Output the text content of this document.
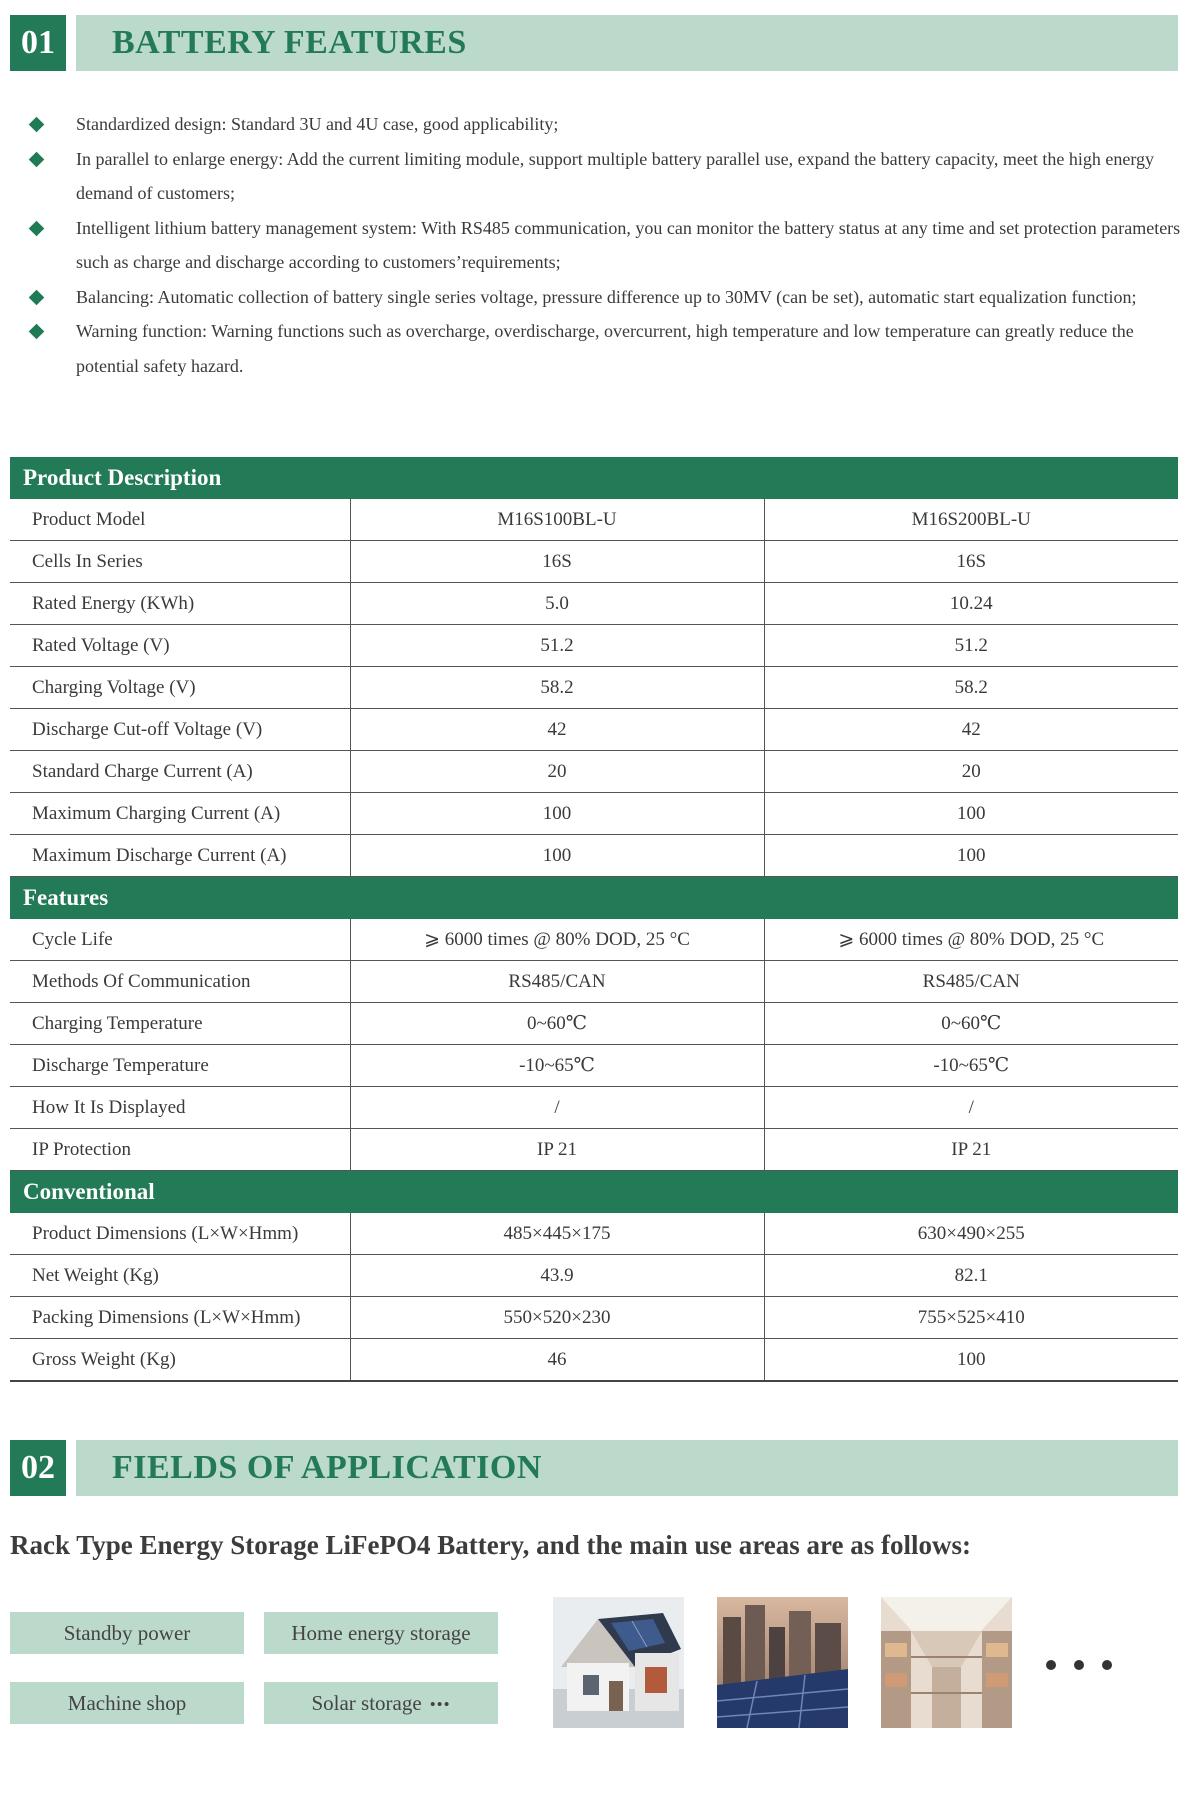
01	BATTERY FEATURES
Standardized design: Standard 3U and 4U case, good applicability;
In parallel to enlarge energy: Add the current limiting module, support multiple battery parallel use, expand the battery capacity, meet the high energy demand of customers;
Intelligent lithium battery management system: With RS485 communication, you can monitor the battery status at any time and set protection parameters such as charge and discharge according to customers’requirements;
Balancing: Automatic collection of battery single series voltage, pressure difference up to 30MV (can be set), automatic start equalization function;
Warning function: Warning functions such as overcharge, overdischarge, overcurrent, high temperature and low temperature can greatly reduce the potential safety hazard.
Product Description		
Product Model	M16S100BL-U	M16S200BL-U
Cells In Series	16S	16S
Rated Energy (KWh)	5.0	10.24
Rated Voltage (V)	51.2	51.2
Charging Voltage (V)	58.2	58.2
Discharge Cut-off Voltage (V)	42	42
Standard Charge Current (A)	20	20
Maximum Charging Current (A)	100	100
Maximum Discharge Current (A)	100	100
Features		
Cycle Life	⩾ 6000 times @ 80% DOD, 25 °C	⩾ 6000 times @ 80% DOD, 25 °C
Methods Of Communication	RS485/CAN	RS485/CAN
Charging Temperature	0~60℃	0~60℃
Discharge Temperature	-10~65℃	-10~65℃
How It Is Displayed	/	/
IP Protection	IP 21	IP 21
Conventional		
Product Dimensions (L×W×Hmm)	485×445×175	630×490×255
Net Weight (Kg)	43.9	82.1
Packing Dimensions (L×W×Hmm)	550×520×230	755×525×410
Gross Weight (Kg)	46	100
02	FIELDS OF APPLICATION
Rack Type Energy Storage LiFePO4 Battery, and the main use areas are as follows:
Standby power	Home energy storage
Machine shop	Solar storage •••
